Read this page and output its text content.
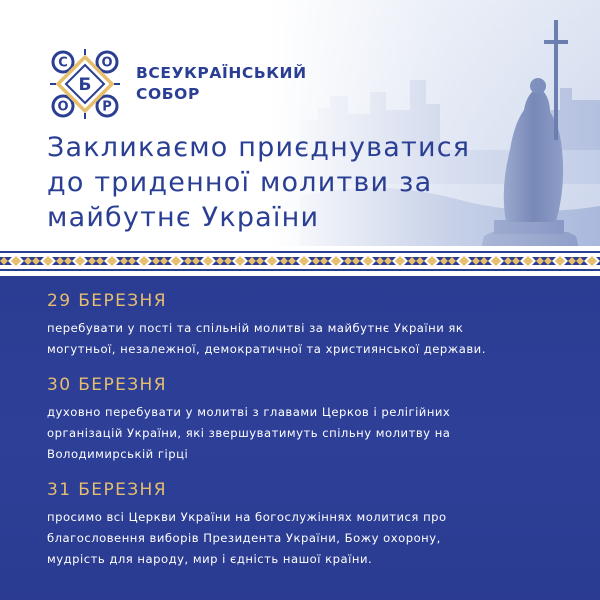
С	О
Б
О	Р
ВСЕУКРАЇНСЬКИЙ
СОБОР
Закликаємо приєднуватися
до триденної молитви за
майбутнє України
29 БЕРЕЗНЯ
перебувати у пості та спільній молитві за майбутнє України як
могутньої, незалежної, демократичної та християнської держави.
30 БЕРЕЗНЯ
духовно перебувати у молитві з главами Церков і релігійних
організацій України, які звершуватимуть спільну молитву на
Володимирській гірці
31 БЕРЕЗНЯ
просимо всі Церкви України на богослужіннях молитися про
благословення виборів Президента України, Божу охорону,
мудрість для народу, мир і єдність нашої країни.
